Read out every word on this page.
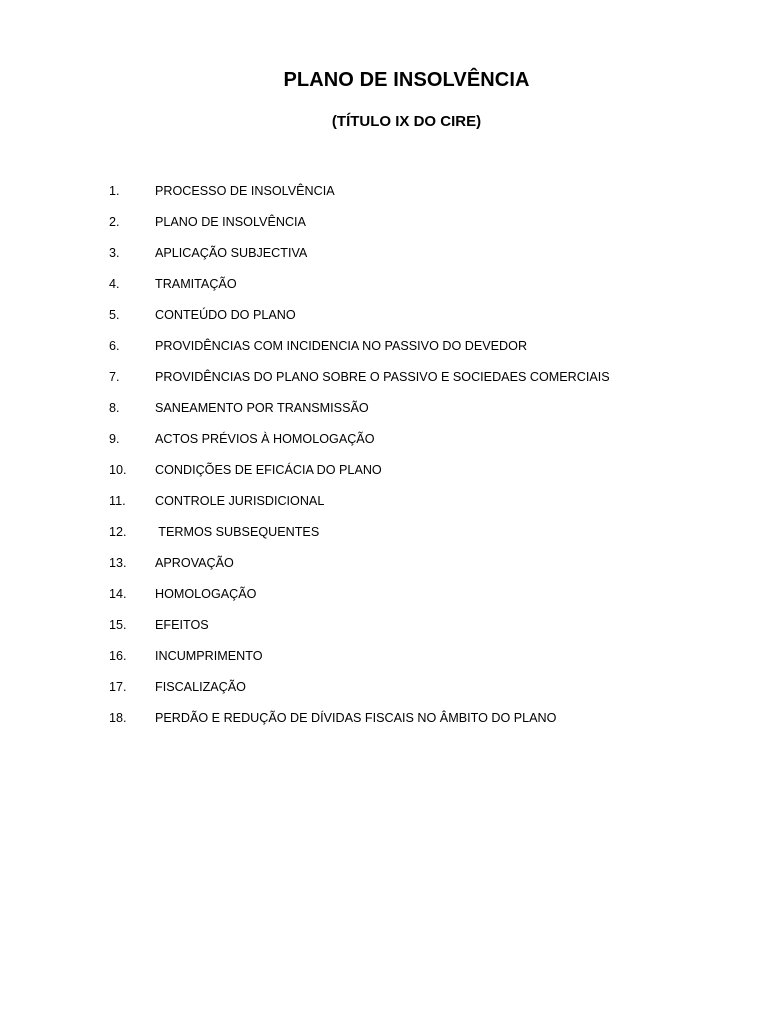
PLANO DE INSOLVÊNCIA
(TÍTULO IX DO CIRE)
1.	PROCESSO DE INSOLVÊNCIA
2.	PLANO DE INSOLVÊNCIA
3.	APLICAÇÃO SUBJECTIVA
4.	TRAMITAÇÃO
5.	CONTEÚDO DO PLANO
6.	PROVIDÊNCIAS COM INCIDENCIA NO PASSIVO DO DEVEDOR
7.	PROVIDÊNCIAS DO PLANO SOBRE O PASSIVO E SOCIEDAES COMERCIAIS
8.	SANEAMENTO POR TRANSMISSÃO
9.	ACTOS PRÉVIOS À HOMOLOGAÇÃO
10. CONDIÇÕES DE EFICÁCIA DO PLANO
11. CONTROLE JURISDICIONAL
12. TERMOS SUBSEQUENTES
13. APROVAÇÃO
14. HOMOLOGAÇÃO
15. EFEITOS
16. INCUMPRIMENTO
17. FISCALIZAÇÃO
18. PERDÃO E REDUÇÃO DE DÍVIDAS FISCAIS NO ÂMBITO DO PLANO
